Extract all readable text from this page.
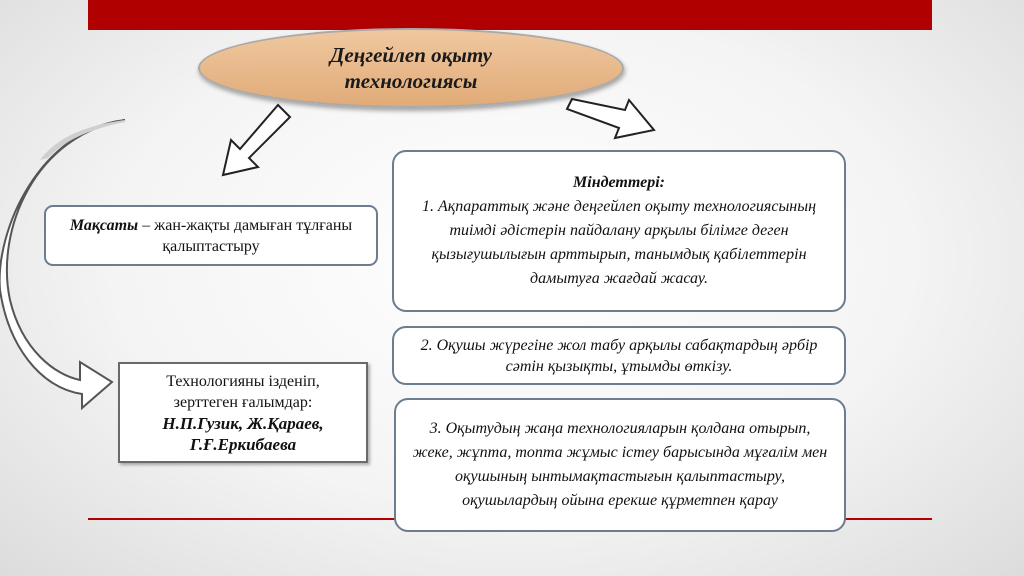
Деңгейлеп оқыту
технологиясы
Мақсаты – жан-жақты дамыған тұлғаны қалыптастыру
Технологияны ізденіп,
зерттеген ғалымдар:
Н.П.Гузик, Ж.Қараев,
Г.Ғ.Еркибаева
Міндеттері:
1. Ақпараттық және деңгейлеп оқыту технологиясының тиімді әдістерін пайдалану арқылы білімге деген қызығушылығын арттырып, танымдық қабілеттерін дамытуға жағдай жасау.
2. Оқушы жүрегіне жол табу арқылы сабақтардың әрбір сәтін қызықты, ұтымды өткізу.
3. Оқытудың жаңа технологияларын қолдана отырып, жеке, жұпта, топта жұмыс істеу барысында мұғалім мен оқушының ынтымақтастығын қалыптастыру, оқушылардың ойына ерекше құрметпен қарау
